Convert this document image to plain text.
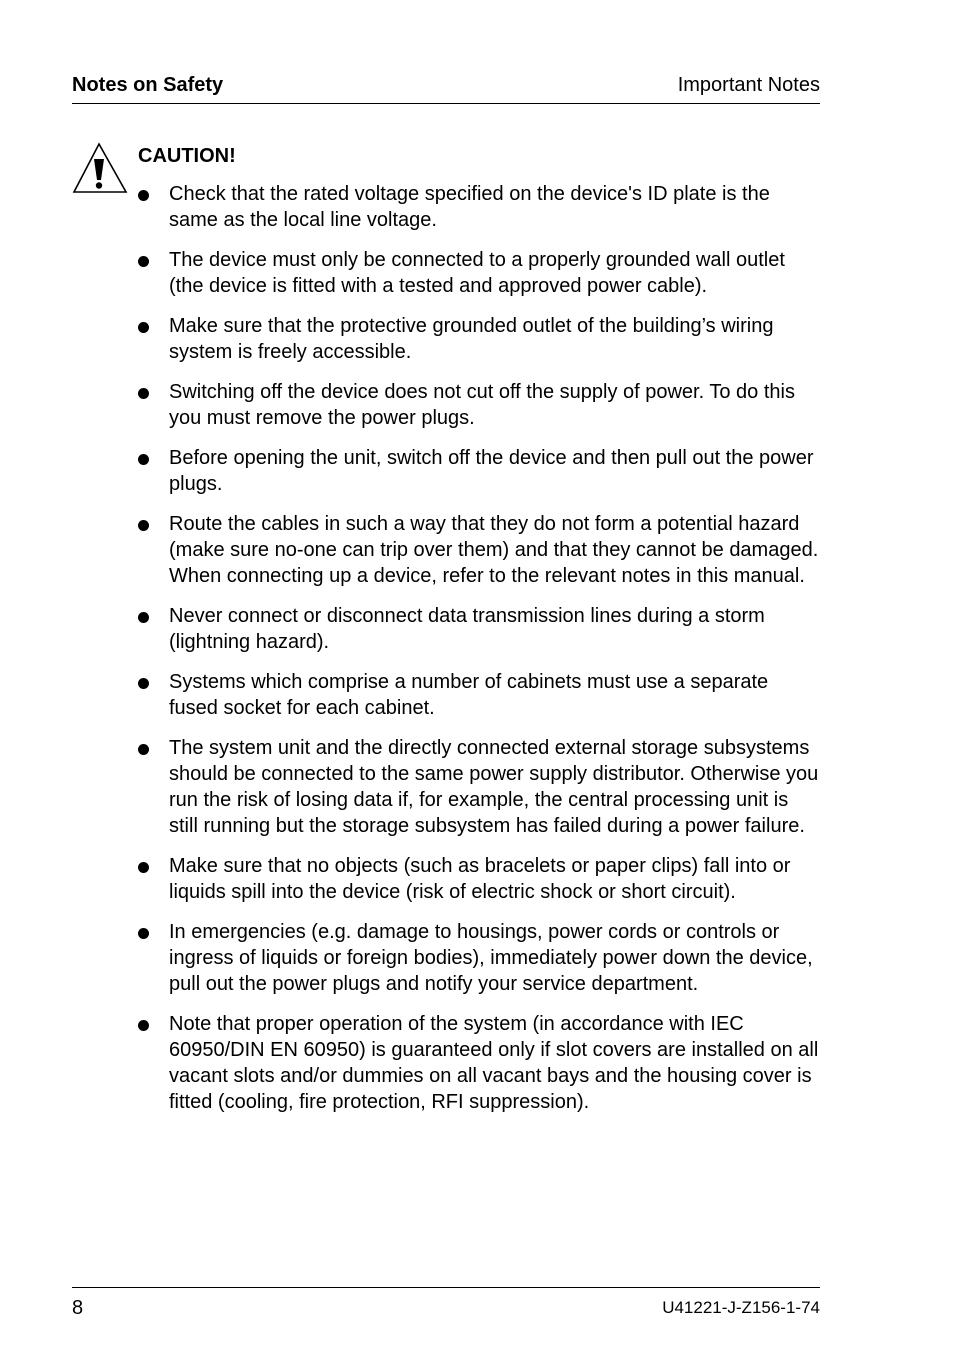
Notes on Safety	Important Notes
CAUTION!
Check that the rated voltage specified on the device's ID plate is the same as the local line voltage.
The device must only be connected to a properly grounded wall outlet (the device is fitted with a tested and approved power cable).
Make sure that the protective grounded outlet of the building’s wiring system is freely accessible.
Switching off the device does not cut off the supply of power. To do this you must remove the power plugs.
Before opening the unit, switch off the device and then pull out the power plugs.
Route the cables in such a way that they do not form a potential hazard (make sure no-one can trip over them) and that they cannot be damaged. When connecting up a device, refer to the relevant notes in this manual.
Never connect or disconnect data transmission lines during a storm (lightning hazard).
Systems which comprise a number of cabinets must use a separate fused socket for each cabinet.
The system unit and the directly connected external storage subsystems should be connected to the same power supply distributor. Otherwise you run the risk of losing data if, for example, the central processing unit is still running but the storage subsystem has failed during a power failure.
Make sure that no objects (such as bracelets or paper clips) fall into or liquids spill into the device (risk of electric shock or short circuit).
In emergencies (e.g. damage to housings, power cords or controls or ingress of liquids or foreign bodies), immediately power down the device, pull out the power plugs and notify your service department.
Note that proper operation of the system (in accordance with IEC 60950/DIN EN 60950) is guaranteed only if slot covers are installed on all vacant slots and/or dummies on all vacant bays and the housing cover is fitted (cooling, fire protection, RFI suppression).
8	U41221-J-Z156-1-74
